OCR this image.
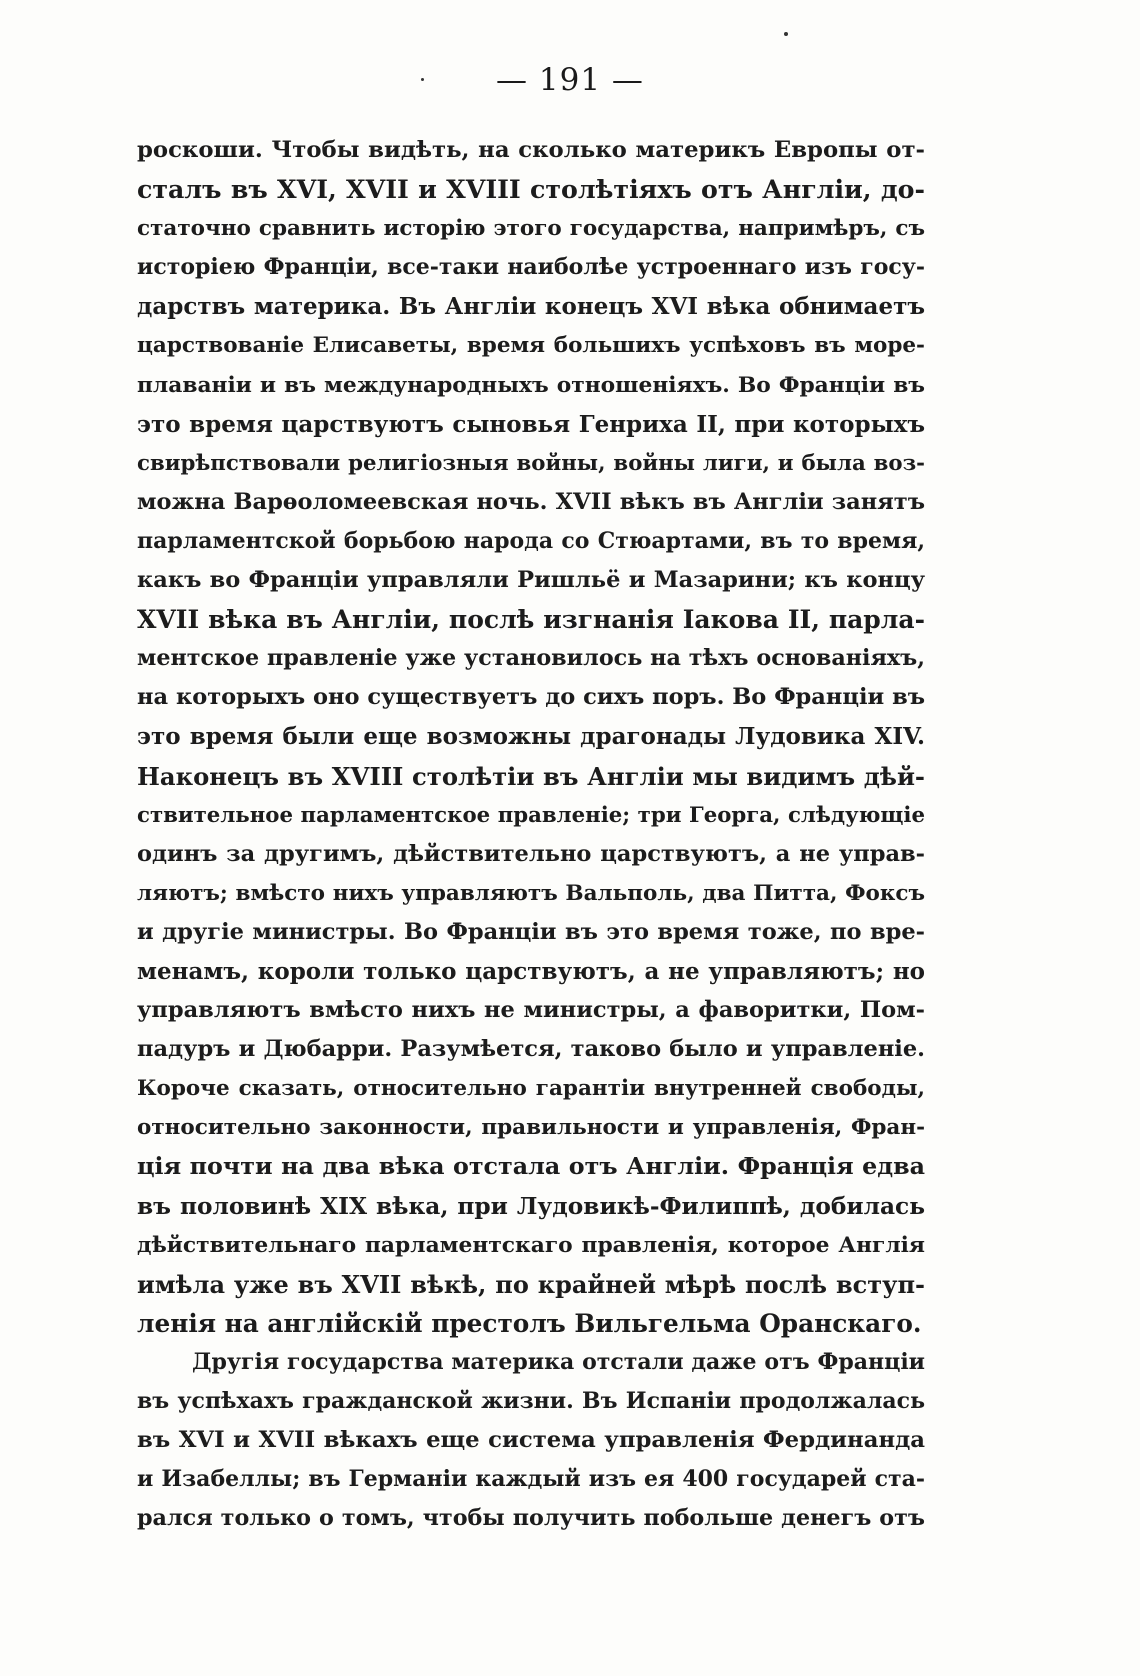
— 191 —
роскоши. Чтобы видѣть, на сколько материкъ Европы от-
сталъ въ XVI, XVII и XVIII столѣтіяхъ отъ Англіи, до-
статочно сравнить исторію этого государства, напримѣръ, съ
исторіею Франціи, все-таки наиболѣе устроеннаго изъ госу-
дарствъ материка. Въ Англіи конецъ XVI вѣка обнимаетъ
царствованіе Елисаветы, время большихъ успѣховъ въ море-
плаваніи и въ международныхъ отношеніяхъ. Во Франціи въ
это время царствуютъ сыновья Генриха II, при которыхъ
свирѣпствовали религіозныя войны, войны лиги, и была воз-
можна Варѳоломеевская ночь. XVII вѣкъ въ Англіи занятъ
парламентской борьбою народа со Стюартами, въ то время,
какъ во Франціи управляли Ришльё и Мазарини; къ концу
XVII вѣка въ Англіи, послѣ изгнанія Іакова II, парла-
ментское правленіе уже установилось на тѣхъ основаніяхъ,
на которыхъ оно существуетъ до сихъ поръ. Во Франціи въ
это время были еще возможны драгонады Лудовика XIV.
Наконецъ въ XVIII столѣтіи въ Англіи мы видимъ дѣй-
ствительное парламентское правленіе; три Георга, слѣдующіе
одинъ за другимъ, дѣйствительно царствуютъ, а не управ-
ляютъ; вмѣсто нихъ управляютъ Вальполь, два Питта, Фоксъ
и другіе министры. Во Франціи въ это время тоже, по вре-
менамъ, короли только царствуютъ, а не управляютъ; но
управляютъ вмѣсто нихъ не министры, а фаворитки, Пом-
падуръ и Дюбарри. Разумѣется, таково было и управленіе.
Короче сказать, относительно гарантіи внутренней свободы,
относительно законности, правильности и управленія, Фран-
ція почти на два вѣка отстала отъ Англіи. Франція едва
въ половинѣ XIX вѣка, при Лудовикѣ-Филиппѣ, добилась
дѣйствительнаго парламентскаго правленія, которое Англія
имѣла уже въ XVII вѣкѣ, по крайней мѣрѣ послѣ вступ-
ленія на англійскій престолъ Вильгельма Оранскаго.
Другія государства материка отстали даже отъ Франціи
въ успѣхахъ гражданской жизни. Въ Испаніи продолжалась
въ XVI и XVII вѣкахъ еще система управленія Фердинанда
и Изабеллы; въ Германіи каждый изъ ея 400 государей ста-
рался только о томъ, чтобы получить побольше денегъ отъ
